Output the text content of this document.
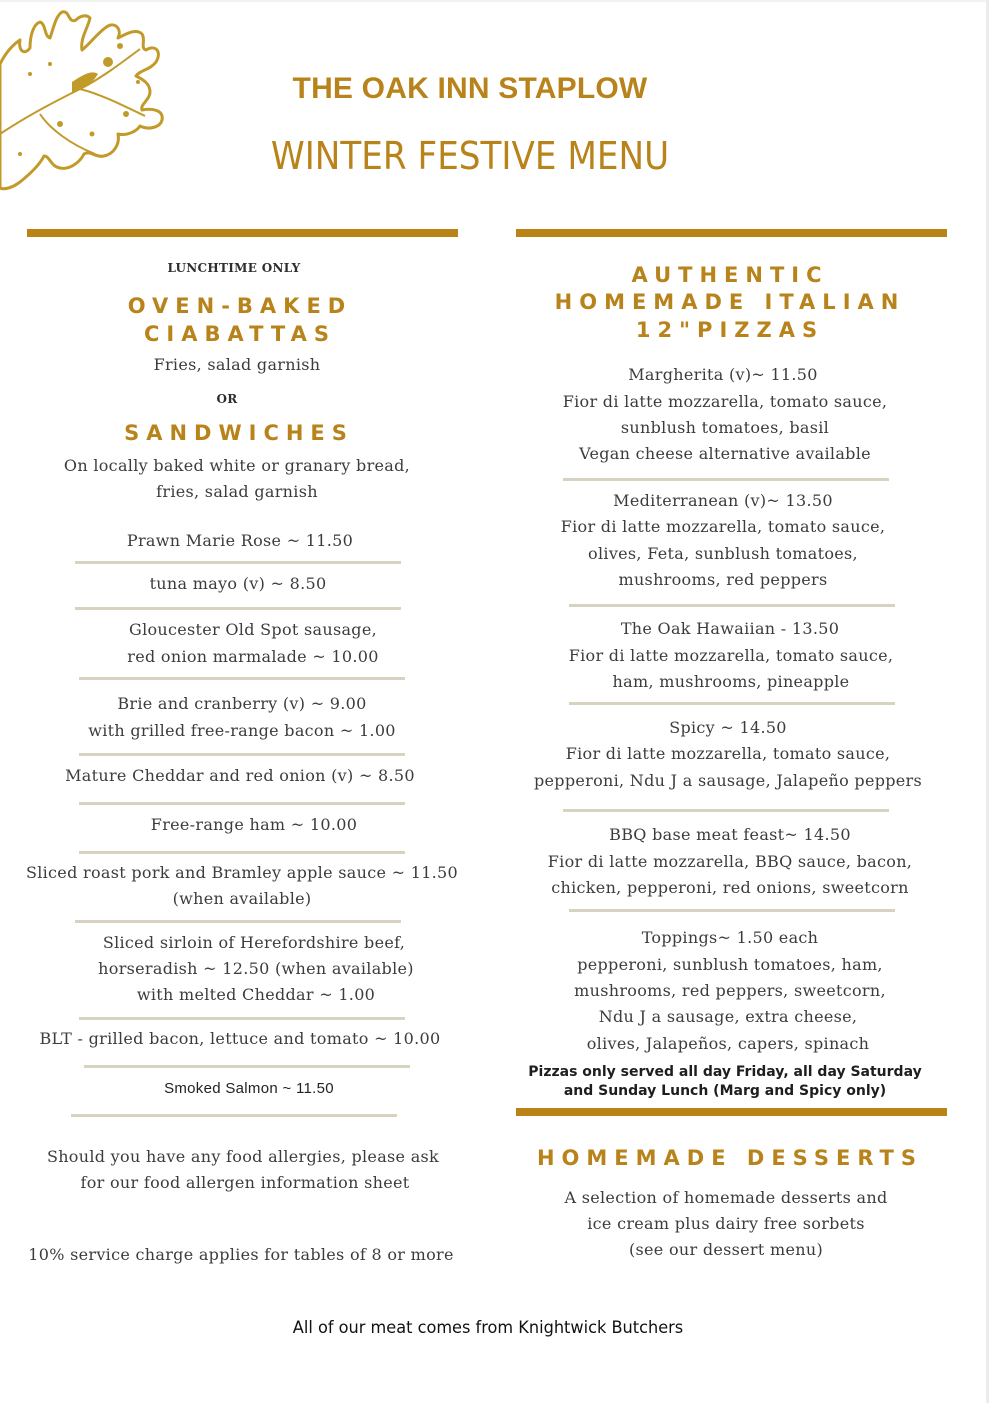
THE OAK INN STAPLOW
WINTER FESTIVE MENU
LUNCHTIME ONLY
OVEN-BAKED
CIABATTAS
Fries, salad garnish
OR
SANDWICHES
On locally baked white or granary bread,
fries, salad garnish
Prawn Marie Rose ~ 11.50
tuna mayo (v) ~ 8.50
Gloucester Old Spot sausage,
red onion marmalade ~ 10.00
Brie and cranberry (v) ~ 9.00
with grilled free-range bacon ~ 1.00
Mature Cheddar and red onion (v) ~ 8.50
Free-range ham ~ 10.00
Sliced roast pork and Bramley apple sauce ~ 11.50
(when available)
Sliced sirloin of Herefordshire beef,
horseradish ~ 12.50 (when available)
with melted Cheddar ~ 1.00
BLT - grilled bacon, lettuce and tomato ~ 10.00
Smoked Salmon ~ 11.50
Should you have any food allergies, please ask
for our food allergen information sheet
10% service charge applies for tables of 8 or more
AUTHENTIC
HOMEMADE ITALIAN
12"PIZZAS
Margherita (v)~ 11.50
Fior di latte mozzarella, tomato sauce,
sunblush tomatoes, basil
Vegan cheese alternative available
Mediterranean (v)~ 13.50
Fior di latte mozzarella, tomato sauce,
olives, Feta, sunblush tomatoes,
mushrooms, red peppers
The Oak Hawaiian - 13.50
Fior di latte mozzarella, tomato sauce,
ham, mushrooms, pineapple
Spicy ~ 14.50
Fior di latte mozzarella, tomato sauce,
pepperoni, Ndu J a sausage, Jalapeño peppers
BBQ base meat feast~ 14.50
Fior di latte mozzarella, BBQ sauce, bacon,
chicken, pepperoni, red onions, sweetcorn
Toppings~ 1.50 each
pepperoni, sunblush tomatoes, ham,
mushrooms, red peppers, sweetcorn,
Ndu J a sausage, extra cheese,
olives, Jalapeños, capers, spinach
Pizzas only served all day Friday, all day Saturday
and Sunday Lunch (Marg and Spicy only)
HOMEMADE DESSERTS
A selection of homemade desserts and
ice cream plus dairy free sorbets
(see our dessert menu)
All of our meat comes from Knightwick Butchers
